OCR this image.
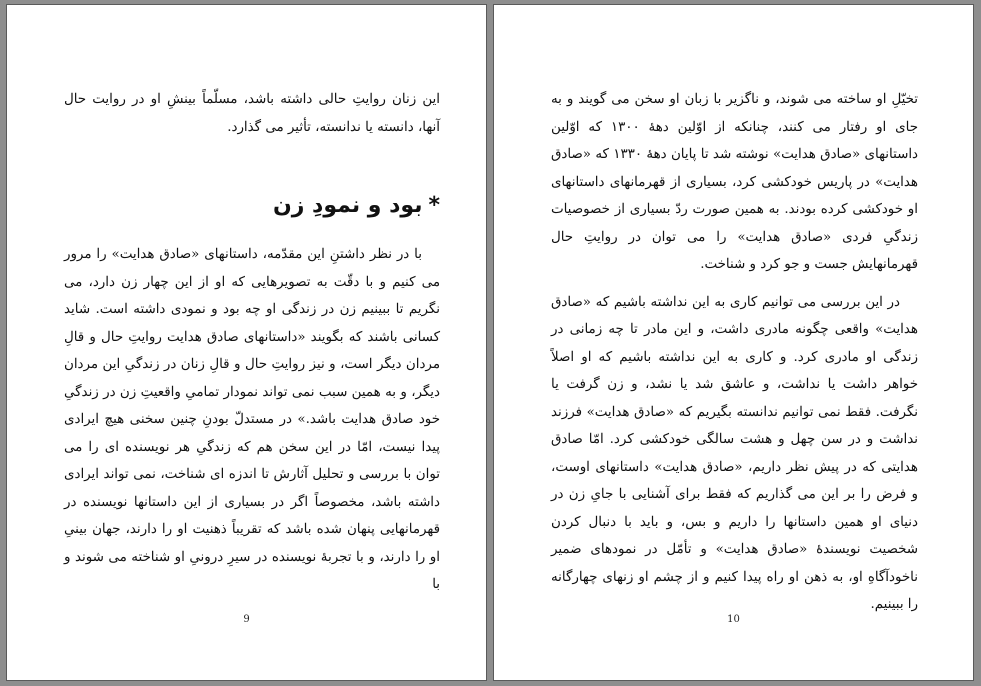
این زنان روایتِ حالی داشته باشد، مسلّماً بینشِ او در روایت حال آنها، دانسته یا ندانسته، تأثیر می گذارد.

*بود و نمودِ زن

با در نظر داشتنِ این مقدّمه، داستانهای «صادق هدایت» را مرور می کنیم و با دقّت به تصویرهایی که او از این چهار زن دارد، می نگریم تا ببینیم زن در زندگی او چه بود و نمودی داشته است. شاید کسانی باشند که بگویند «داستانهای صادق هدایت روایتِ حال و قالِ مردان دیگر است، و نیز روایتِ حال و قالِ زنان در زندگیِ این مردان دیگر، و به همین سبب نمی تواند نمودار تمامیِ واقعیتِ زن در زندگیِ خود صادق هدایت باشد.» در مستدلّ بودنِ چنین سخنی هیچ ایرادی پیدا نیست، امّا در این سخن هم که زندگیِ هر نویسنده ای را می توان با بررسی و تحلیل آثارش تا اندزه ای شناخت، نمی تواند ایرادی داشته باشد، مخصوصاً اگر در بسیاری از این داستانها نویسنده در قهرمانهایی پنهان شده باشد که تقریباً ذهنیت او را دارند، جهان بینیِ او را دارند، و با تجربهٔ نویسنده در سیرِ درونیِ او شناخته می شوند و با

9

تخیّلِ او ساخته می شوند، و ناگزیر با زبان او سخن می گویند و به جای او رفتار می کنند، چنانکه از اوّلین دههٔ ۱۳۰۰ که اوّلین داستانهای «صادق هدایت» نوشته شد تا پایان دههٔ ۱۳۳۰ که «صادق هدایت» در پاریس خودکشی کرد، بسیاری از قهرمانهای داستانهای او خودکشی کرده بودند. به همین صورت ردّ بسیاری از خصوصیات زندگیِ فردی «صادق هدایت» را می توان در روایتِ حال قهرمانهایش جست و جو کرد و شناخت.

در این بررسی می توانیم کاری به این نداشته باشیم که «صادق هدایت» واقعی چگونه مادری داشت، و این مادر تا چه زمانی در زندگی او مادری کرد. و کاری به این نداشته باشیم که او اصلاً خواهر داشت یا نداشت، و عاشق شد یا نشد، و زن گرفت یا نگرفت. فقط نمی توانیم ندانسته بگیریم که «صادق هدایت» فرزند نداشت و در سن چهل و هشت سالگی خودکشی کرد. امّا صادق هدایتی که در پیش نظر داریم، «صادق هدایت» داستانهای اوست، و فرض را بر این می گذاریم که فقط برای آشنایی با جایِ زن در دنیای او همین داستانها را داریم و بس، و باید با دنبال کردن شخصیت نویسندهٔ «صادق هدایت» و تأمّل در نمودهای ضمیر ناخودآگاهِ او، به ذهن او راه پیدا کنیم و از چشم او زنهای چهارگانه را ببینیم.

10
